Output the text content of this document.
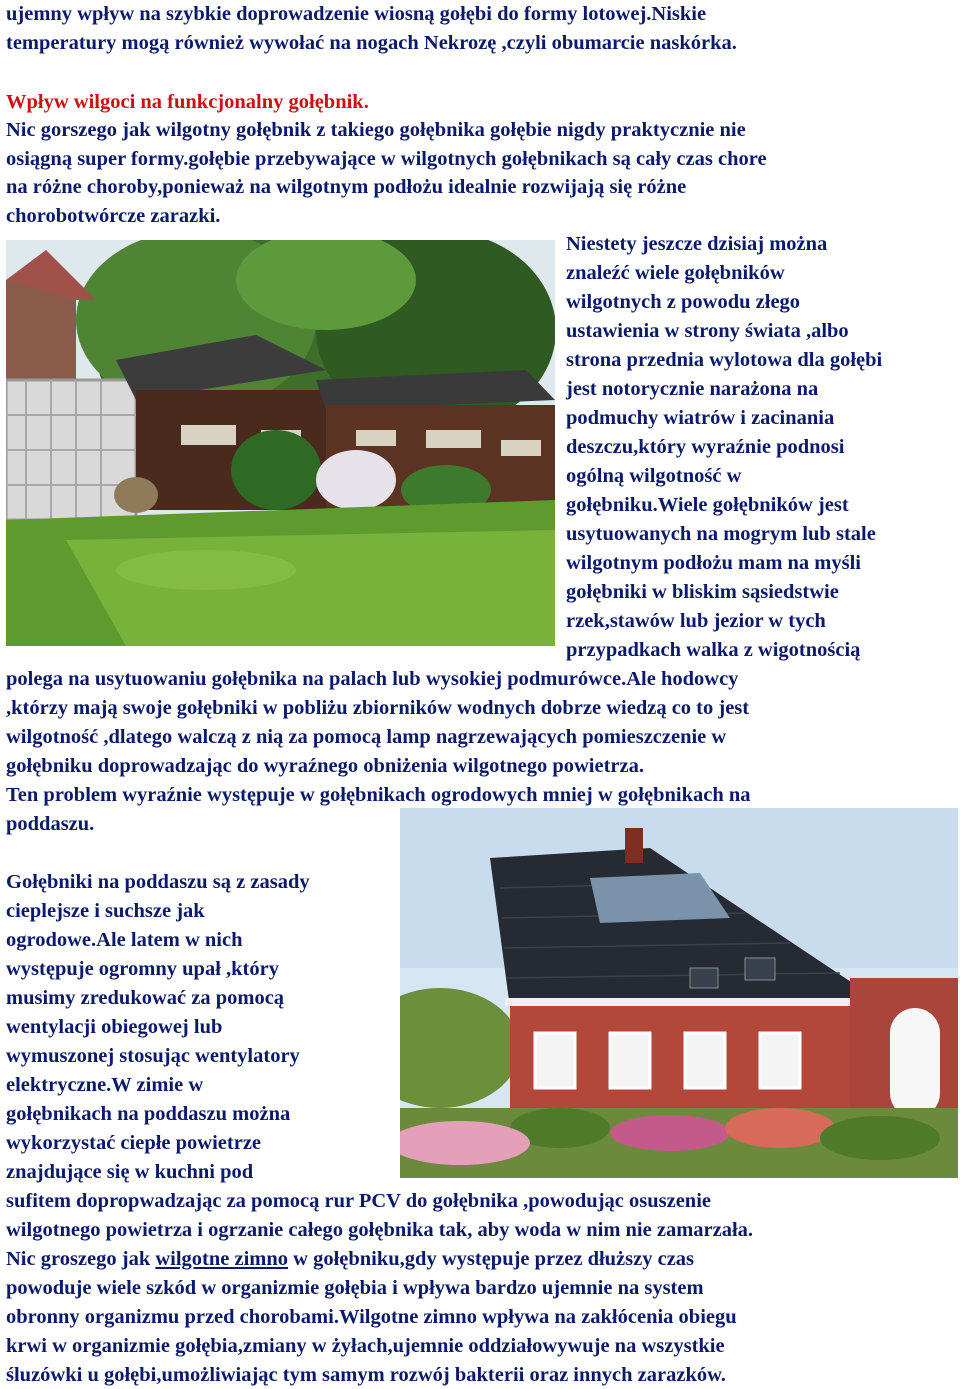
ujemny wpływ na szybkie doprowadzenie wiosną gołębi do formy lotowej.Niskie
temperatury mogą również wywołać na nogach Nekrozę ,czyli obumarcie naskórka.
Wpływ wilgoci na funkcjonalny gołębnik.
Nic gorszego jak wilgotny gołębnik z takiego gołębnika gołębie nigdy praktycznie nie
osiągną super formy.gołębie przebywające w wilgotnych gołębnikach są cały czas chore
na różne choroby,ponieważ na wilgotnym podłożu idealnie rozwijają się różne
chorobotwórcze zarazki.
Niestety jeszcze dzisiaj można
znaleźć wiele gołębników
wilgotnych z powodu złego
ustawienia w strony świata ,albo
strona przednia wylotowa dla gołębi
jest notorycznie narażona na
podmuchy wiatrów i zacinania
deszczu,który wyraźnie podnosi
ogólną wilgotność w
gołębniku.Wiele gołębników jest
usytuowanych na mogrym lub stale
wilgotnym podłożu mam na myśli
gołębniki w bliskim sąsiedstwie
rzek,stawów lub jezior w tych
przypadkach walka z wigotnością
polega na usytuowaniu gołębnika na palach lub wysokiej podmurówce.Ale hodowcy
,którzy mają swoje gołębniki w pobliżu zbiorników wodnych dobrze wiedzą co to jest
wilgotność ,dlatego walczą z nią za pomocą lamp nagrzewających pomieszczenie w
gołębniku doprowadzając do wyraźnego obniżenia wilgotnego powietrza.
Ten problem wyraźnie występuje w gołębnikach ogrodowych mniej w gołębnikach na
poddaszu.
Gołębniki na poddaszu są z zasady
cieplejsze i suchsze jak
ogrodowe.Ale latem w nich
występuje ogromny upał ,który
musimy zredukować za pomocą
wentylacji obiegowej lub
wymuszonej stosując wentylatory
elektryczne.W zimie w
gołębnikach na poddaszu można
wykorzystać ciepłe powietrze
znajdujące się w kuchni pod
sufitem dopropwadzając za pomocą rur PCV do gołębnika ,powodując osuszenie
wilgotnego powietrza i ogrzanie całego gołębnika tak, aby woda w nim nie zamarzała.
Nic groszego jak wilgotne zimno w gołębniku,gdy występuje przez dłuższy czas
powoduje wiele szkód w organizmie gołębia i wpływa bardzo ujemnie na system
obronny organizmu przed chorobami.Wilgotne zimno wpływa na zakłócenia obiegu
krwi w organizmie gołębia,zmiany w żyłach,ujemnie oddziałowywuje na wszystkie
śluzówki u gołębi,umożliwiając tym samym rozwój bakterii oraz innych zarazków.
